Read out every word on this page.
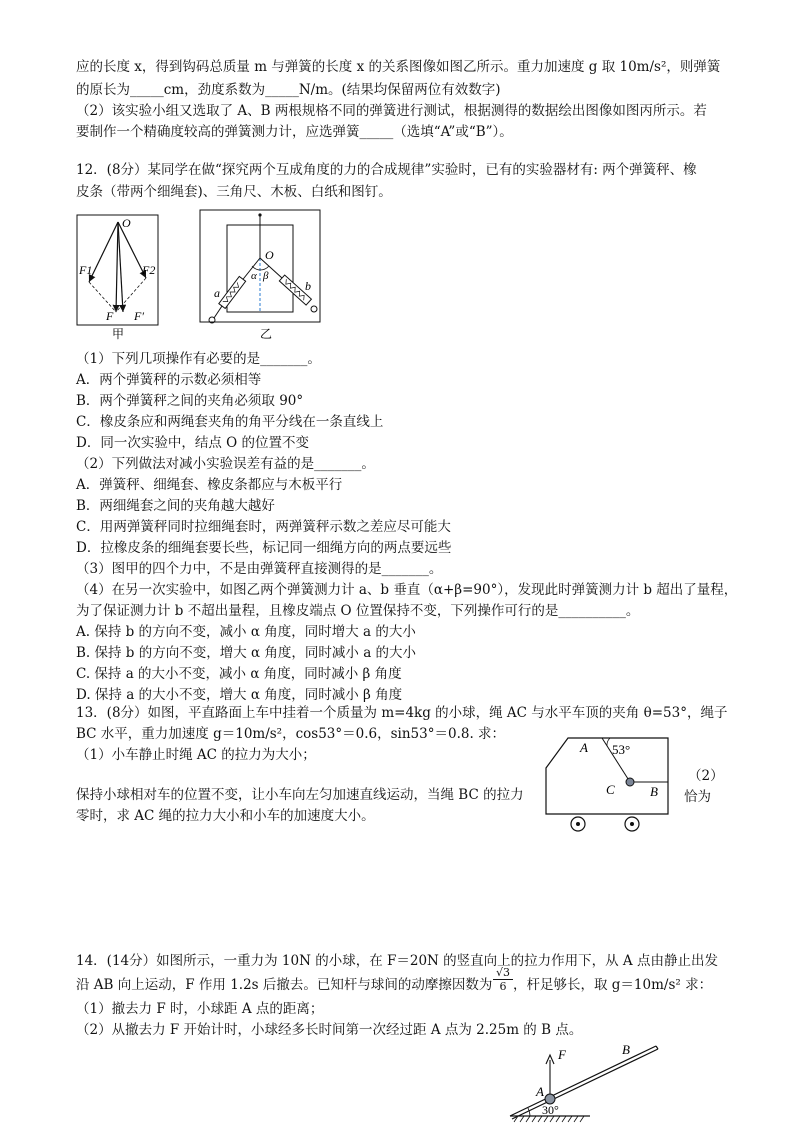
应的长度 x，得到钩码总质量 m 与弹簧的长度 x 的关系图像如图乙所示。重力加速度 g 取 10m/s²，则弹簧
的原长为_____cm，劲度系数为_____N/m。(结果均保留两位有效数字)
（2）该实验小组又选取了 A、B 两根规格不同的弹簧进行测试，根据测得的数据绘出图像如图丙所示。若
要制作一个精确度较高的弹簧测力计，应选弹簧_____（选填“A”或“B”）。
12．(8分）某同学在做“探究两个互成角度的力的合成规律”实验时，已有的实验器材有: 两个弹簧秤、橡
皮条（带两个细绳套)、三角尺、木板、白纸和图钉。
O
F1	F2
F F′
甲
O
α β
a	b
乙
（1）下列几项操作有必要的是_______。
A．两个弹簧秤的示数必须相等
B．两个弹簧秤之间的夹角必须取 90°
C．橡皮条应和两绳套夹角的角平分线在一条直线上
D．同一次实验中，结点 O 的位置不变
（2）下列做法对减小实验误差有益的是_______。
A．弹簧秤、细绳套、橡皮条都应与木板平行
B．两细绳套之间的夹角越大越好
C．用两弹簧秤同时拉细绳套时，两弹簧秤示数之差应尽可能大
D．拉橡皮条的细绳套要长些，标记同一细绳方向的两点要远些
（3）图甲的四个力中，不是由弹簧秤直接测得的是_______。
（4）在另一次实验中，如图乙两个弹簧测力计 a、b 垂直（α+β=90°），发现此时弹簧测力计 b 超出了量程，
为了保证测力计 b 不超出量程，且橡皮端点 O 位置保持不变，下列操作可行的是__________。
A. 保持 b 的方向不变，减小 α 角度，同时增大 a 的大小
B. 保持 b 的方向不变，增大 α 角度，同时减小 a 的大小
C. 保持 a 的大小不变，减小 α 角度，同时减小 β 角度
D. 保持 a 的大小不变，增大 α 角度，同时减小 β 角度
13．(8分）如图，平直路面上车中挂着一个质量为 m=4kg 的小球，绳 AC 与水平车顶的夹角 θ=53°，绳子
BC 水平，重力加速度 g＝10m/s²，cos53°＝0.6，sin53°＝0.8. 求：
（1）小车静止时绳 AC 的拉力为大小；
保持小球相对车的位置不变，让小车向左匀加速直线运动，当绳 BC 的拉力
零时，求 AC 绳的拉力大小和小车的加速度大小。
（2）
恰为
A 53°
C	B
14．(14分）如图所示，一重力为 10N 的小球，在 F＝20N 的竖直向上的拉力作用下，从 A 点由静止出发
沿 AB 向上运动，F 作用 1.2s 后撤去。已知杆与球间的动摩擦因数为 $\frac{√3}{6}$ ，杆足够长，取 g＝10m/s² 求：
（1）撤去力 F 时，小球距 A 点的距离；
（2）从撤去力 F 开始计时，小球经多长时间第一次经过距 A 点为 2.25m 的 B 点。
F
A
B
30°
